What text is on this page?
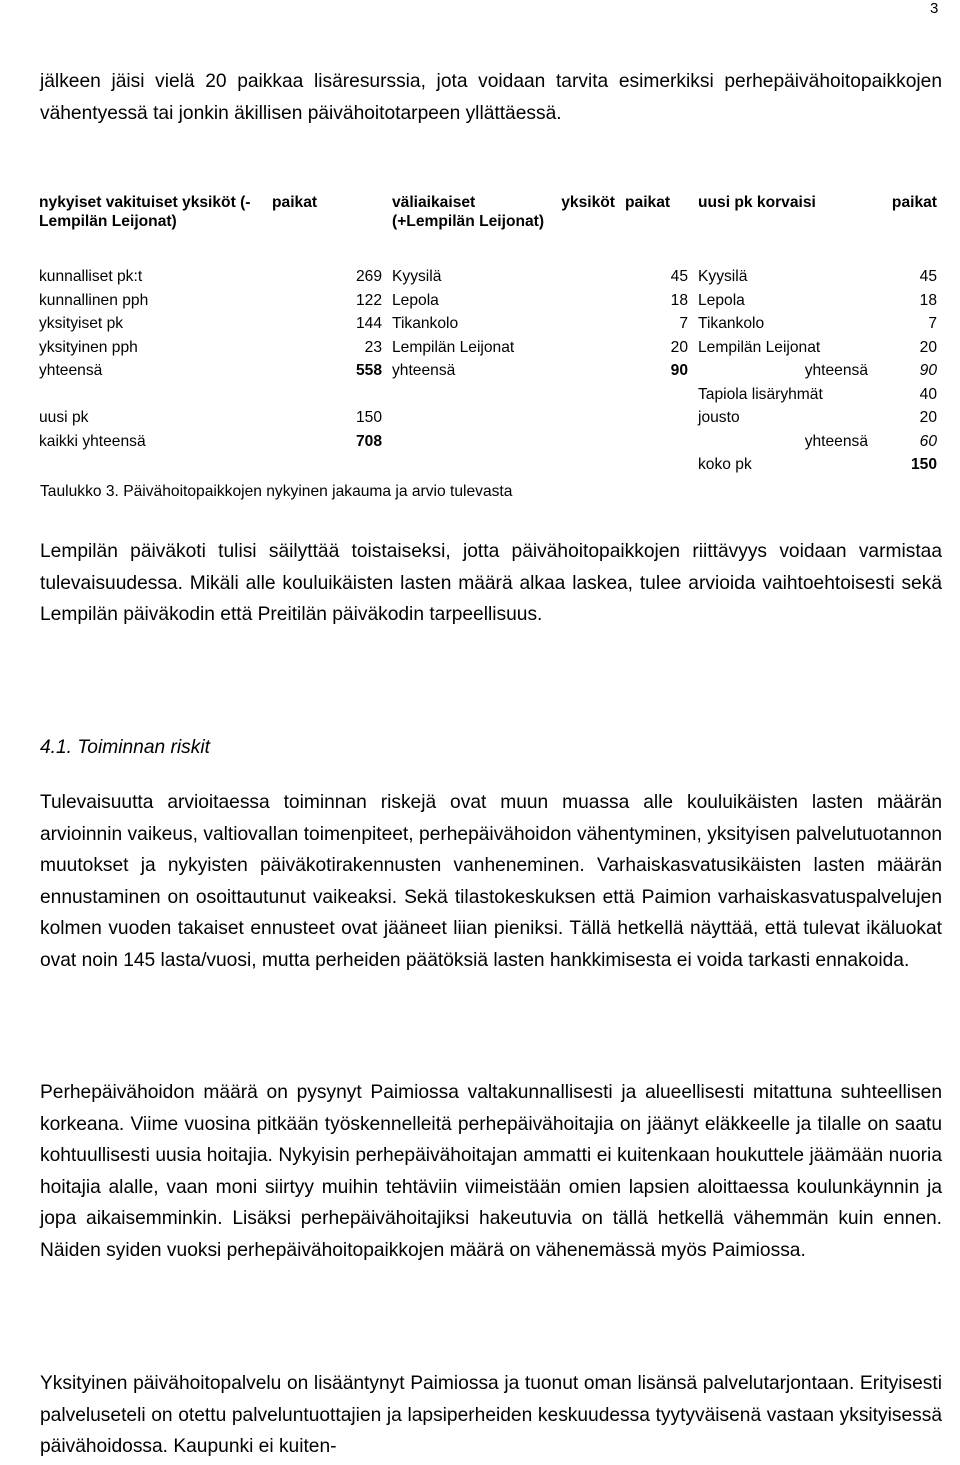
3

jälkeen jäisi vielä 20 paikkaa lisäresurssia, jota voidaan tarvita esimerkiksi perhepäivähoitopaikkojen vähentyessä tai jonkin äkillisen päivähoitotarpeen yllättäessä.

nykyiset vakituiset yksiköt (- Lempilän Leijonat)	paikat	väliaikaiset yksiköt (+Lempilän Leijonat)	paikat	uusi pk korvaisi	paikat
kunnalliset pk:t	269	Kyysilä	45	Kyysilä	45
kunnallinen pph	122	Lepola	18	Lepola	18
yksityiset pk	144	Tikankolo	7	Tikankolo	7
yksityinen pph	23	Lempilän Leijonat	20	Lempilän Leijonat	20
yhteensä	558	yhteensä	90	yhteensä	90
				Tapiola lisäryhmät	40
uusi pk	150			jousto	20
kaikki yhteensä	708			yhteensä	60
				koko pk	150
Taulukko 3. Päivähoitopaikkojen nykyinen jakauma ja arvio tulevasta

Lempilän päiväkoti tulisi säilyttää toistaiseksi, jotta päivähoitopaikkojen riittävyys voidaan varmistaa tulevaisuudessa. Mikäli alle kouluikäisten lasten määrä alkaa laskea, tulee arvioida vaihtoehtoisesti sekä Lempilän päiväkodin että Preitilän päiväkodin tarpeellisuus.

4.1. Toiminnan riskit

Tulevaisuutta arvioitaessa toiminnan riskejä ovat muun muassa alle kouluikäisten lasten määrän arvioinnin vaikeus, valtiovallan toimenpiteet, perhepäivähoidon vähentyminen, yksityisen palvelutuotannon muutokset ja nykyisten päiväkotirakennusten vanheneminen. Varhaiskasvatusikäisten lasten määrän ennustaminen on osoittautunut vaikeaksi. Sekä tilastokeskuksen että Paimion varhaiskasvatuspalvelujen kolmen vuoden takaiset ennusteet ovat jääneet liian pieniksi. Tällä hetkellä näyttää, että tulevat ikäluokat ovat noin 145 lasta/vuosi, mutta perheiden päätöksiä lasten hankkimisesta ei voida tarkasti ennakoida.

Perhepäivähoidon määrä on pysynyt Paimiossa valtakunnallisesti ja alueellisesti mitattuna suhteellisen korkeana. Viime vuosina pitkään työskennelleitä perhepäivähoitajia on jäänyt eläkkeelle ja tilalle on saatu kohtuullisesti uusia hoitajia. Nykyisin perhepäivähoitajan ammatti ei kuitenkaan houkuttele jäämään nuoria hoitajia alalle, vaan moni siirtyy muihin tehtäviin viimeistään omien lapsien aloittaessa koulunkäynnin ja jopa aikaisemminkin. Lisäksi perhepäivähoitajiksi hakeutuvia on tällä hetkellä vähemmän kuin ennen. Näiden syiden vuoksi perhepäivähoitopaikkojen määrä on vähenemässä myös Paimiossa.

Yksityinen päivähoitopalvelu on lisääntynyt Paimiossa ja tuonut oman lisänsä palvelutarjontaan. Erityisesti palveluseteli on otettu palveluntuottajien ja lapsiperheiden keskuudessa tyytyväisenä vastaan yksityisessä päivähoidossa. Kaupunki ei kuiten-
